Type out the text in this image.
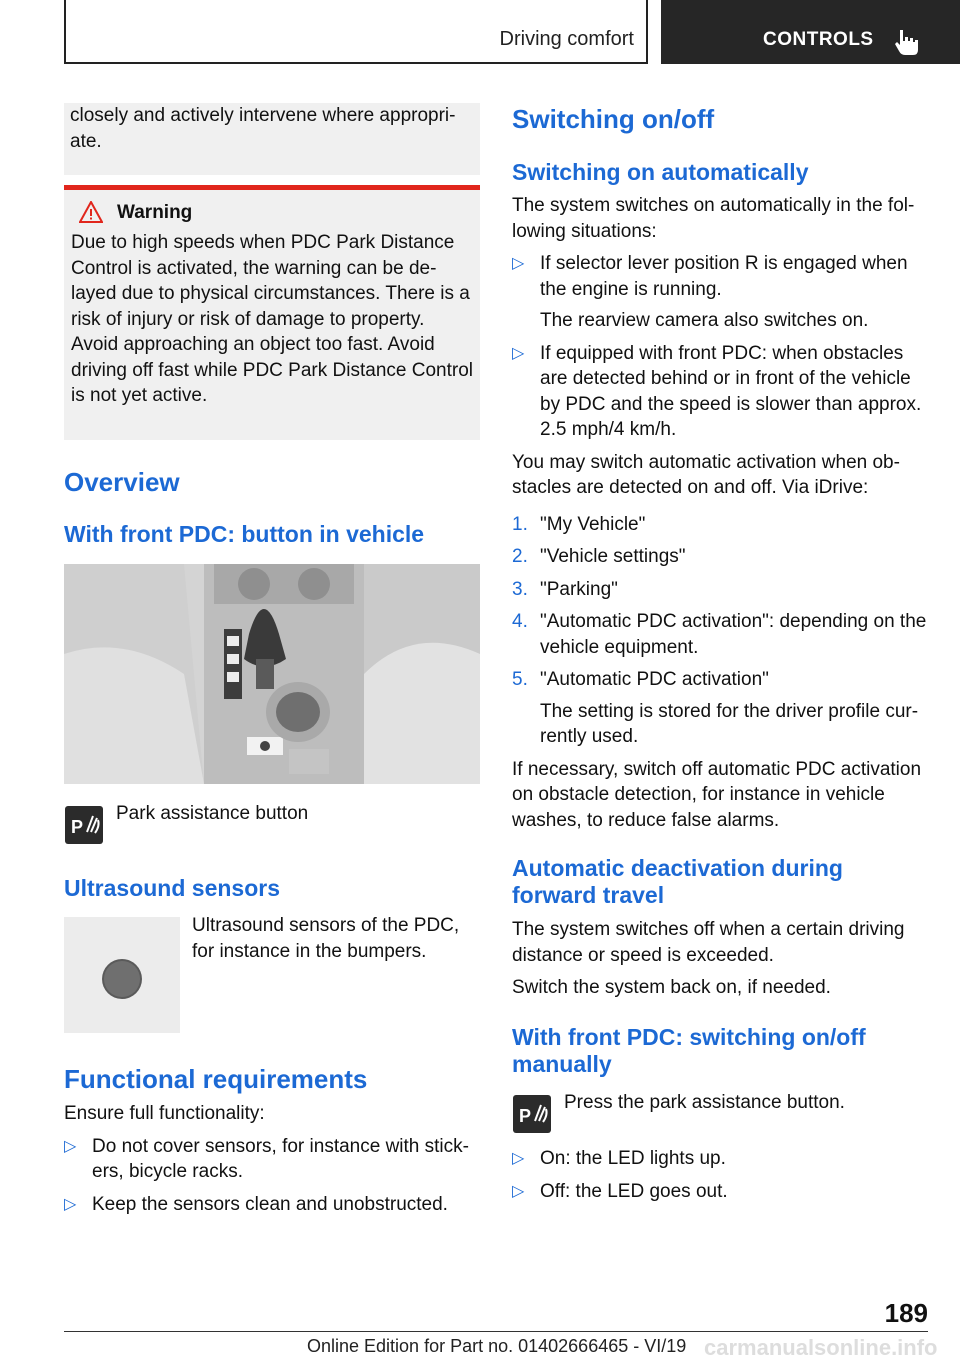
Driving comfort	CONTROLS
closely and actively intervene where appropri-ate.
Warning
Due to high speeds when PDC Park Distance Control is activated, the warning can be de-layed due to physical circumstances. There is a risk of injury or risk of damage to property. Avoid approaching an object too fast. Avoid driving off fast while PDC Park Distance Control is not yet active.
Overview
With front PDC: button in vehicle
P
Park assistance button
Ultrasound sensors
Ultrasound sensors of the PDC, for instance in the bumpers.
Functional requirements

Ensure full functionality:

▷ Do not cover sensors, for instance with stick-ers, bicycle racks.
▷ Keep the sensors clean and unobstructed.
Switching on/off
Switching on automatically

The system switches on automatically in the fol-lowing situations:

▷ If selector lever position R is engaged when the engine is running.
The rearview camera also switches on.
▷ If equipped with front PDC: when obstacles are detected behind or in front of the vehicle by PDC and the speed is slower than approx. 2.5 mph/4 km/h.

You may switch automatic activation when ob-stacles are detected on and off. Via iDrive:

1. "My Vehicle"
2. "Vehicle settings"
3. "Parking"
4. "Automatic PDC activation": depending on the vehicle equipment.
5. "Automatic PDC activation"
The setting is stored for the driver profile cur-rently used.

If necessary, switch off automatic PDC activation on obstacle detection, for instance in vehicle washes, to reduce false alarms.

Automatic deactivation during forward travel

The system switches off when a certain driving distance or speed is exceeded.

Switch the system back on, if needed.

With front PDC: switching on/off manually
P
Press the park assistance button.
▷ On: the LED lights up.
▷ Off: the LED goes out.
189
Online Edition for Part no. 01402666465 - VI/19 carmanualsonline.info
